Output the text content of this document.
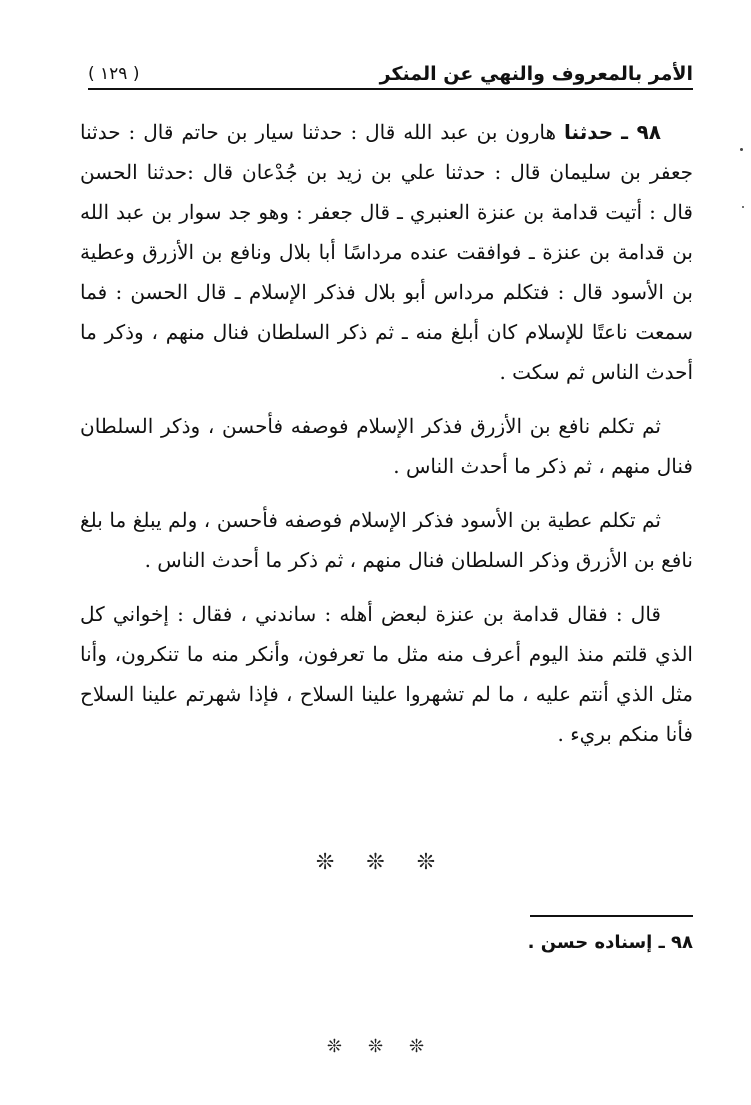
( ١٢٩ )	الأمر بالمعروف والنهي عن المنكر

٩٨ ـ حدثنا هارون بن عبد الله قال : حدثنا سيار بن حاتم قال : حدثنا جعفر بن سليمان قال : حدثنا علي بن زيد بن جُدْعان قال :حدثنا الحسن قال : أتيت قدامة بن عنزة العنبري ـ قال جعفر : وهو جد سوار بن عبد الله بن قدامة بن عنزة ـ فوافقت عنده مرداسًا أبا بلال ونافع بن الأزرق وعطية بن الأسود قال : فتكلم مرداس أبو بلال فذكر الإسلام ـ قال الحسن : فما سمعت ناعتًا للإسلام كان أبلغ منه ـ ثم ذكر السلطان فنال منهم ، وذكر ما أحدث الناس ثم سكت .

ثم تكلم نافع بن الأزرق فذكر الإسلام فوصفه فأحسن ، وذكر السلطان فنال منهم ، ثم ذكر ما أحدث الناس .

ثم تكلم عطية بن الأسود فذكر الإسلام فوصفه فأحسن ، ولم يبلغ ما بلغ نافع بن الأزرق وذكر السلطان فنال منهم ، ثم ذكر ما أحدث الناس .

قال : فقال قدامة بن عنزة لبعض أهله : ساندني ، فقال : إخواني كل الذي قلتم منذ اليوم أعرف منه مثل ما تعرفون، وأنكر منه ما تنكرون، وأنا مثل الذي أنتم عليه ، ما لم تشهروا علينا السلاح ، فإذا شهرتم علينا السلاح فأنا منكم بريء .

❊ ❊ ❊
٩٨ ـ إسناده حسن .
❊ ❊ ❊
